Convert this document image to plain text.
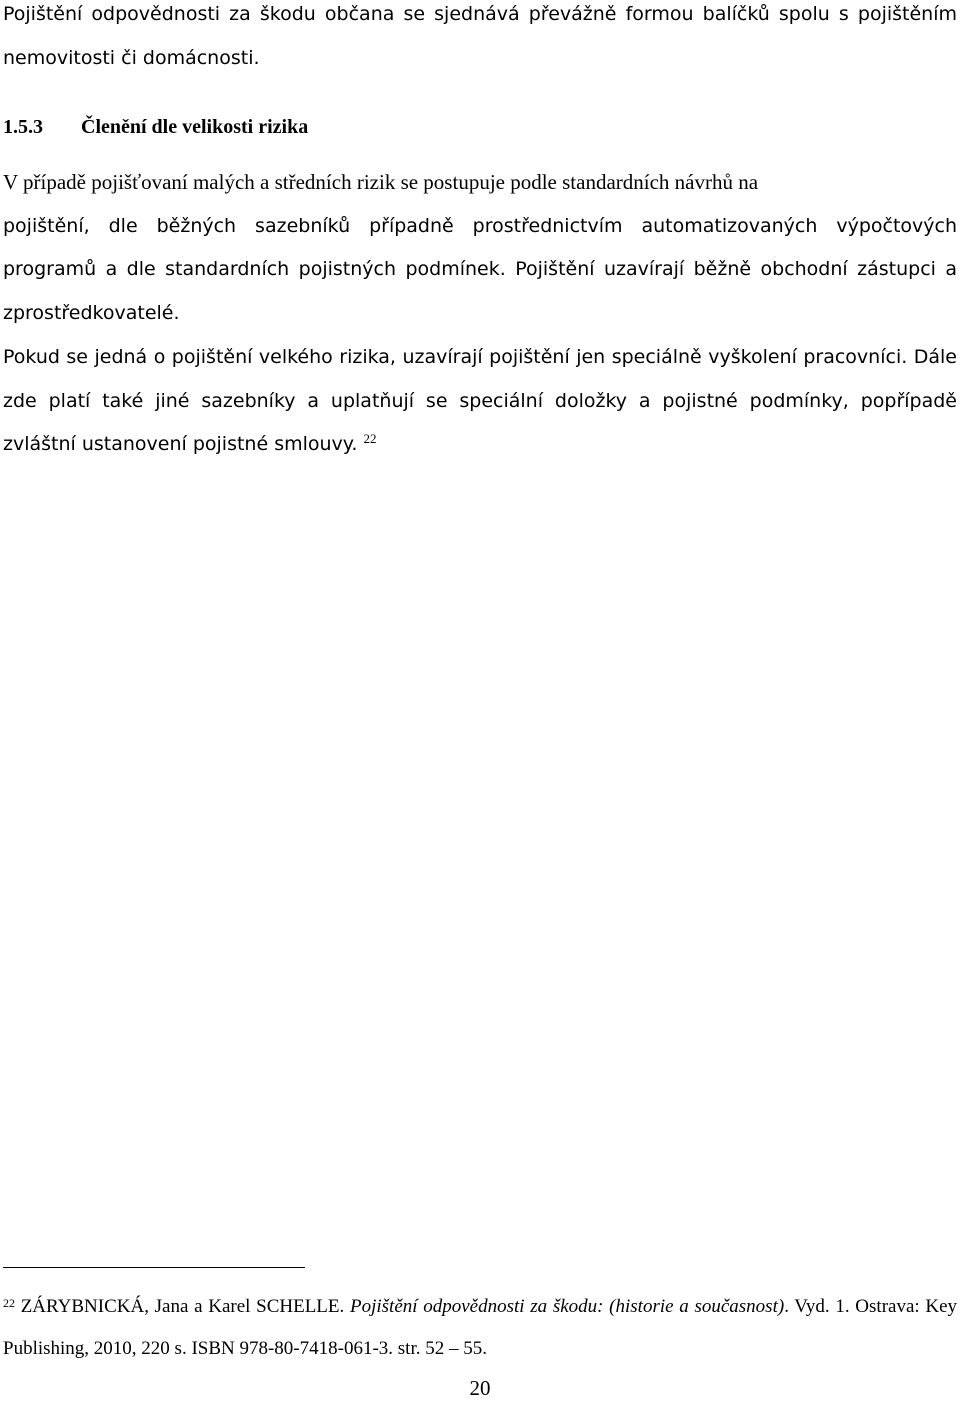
Pojištění odpovědnosti za škodu občana se sjednává převážně formou balíčků spolu s pojištěním nemovitosti či domácnosti.

1.5.3 Členění dle velikosti rizika
V případě pojišťovaní malých a středních rizik se postupuje podle standardních návrhů na
pojištění, dle běžných sazebníků případně prostřednictvím automatizovaných výpočtových programů a dle standardních pojistných podmínek. Pojištění uzavírají běžně obchodní zástupci a zprostředkovatelé.

Pokud se jedná o pojištění velkého rizika, uzavírají pojištění jen speciálně vyškolení pracovníci. Dále zde platí také jiné sazebníky a uplatňují se speciální doložky a pojistné podmínky, popřípadě zvláštní ustanovení pojistné smlouvy. $^{22}$

$^{22}$ ZÁRYBNICKÁ, Jana a Karel SCHELLE. Pojištění odpovědnosti za škodu: (historie a současnost). Vyd. 1. Ostrava: Key Publishing, 2010, 220 s. ISBN 978-80-7418-061-3. str. 52 – 55.

20
